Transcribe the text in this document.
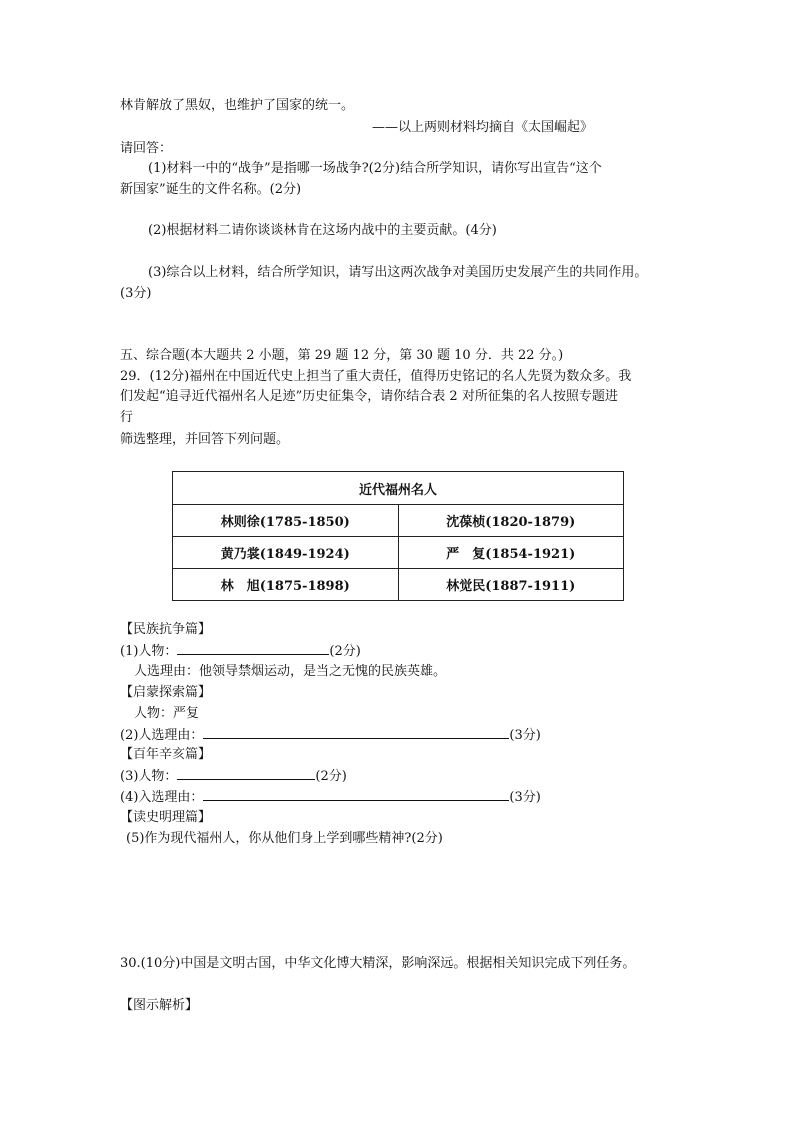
林肯解放了黑奴，也维护了国家的统一。
——以上两则材料均摘自《太国崛起》
请回答：
(1)材料一中的“战争”是指哪一场战争?(2分)结合所学知识，请你写出宣告“这个
新国家”诞生的文件名称。(2分)
(2)根据材料二请你谈谈林肯在这场内战中的主要贡献。(4分)
(3)综合以上材料，结合所学知识，请写出这两次战争对美国历史发展产生的共同作用。
(3分)
五、综合题(本大题共 2 小题，第 29 题 12 分，第 30 题 10 分．共 22 分。)
29．(12分)福州在中国近代史上担当了重大责任，值得历史铭记的名人先贤为数众多。我
们发起“追寻近代福州名人足迹”历史征集令，请你结合表 2 对所征集的名人按照专题进
行
筛选整理，并回答下列问题。
近代福州名人	
林则徐(1785-1850)	沈葆桢(1820-1879)
黄乃裳(1849-1924)	严　复(1854-1921)
林　旭(1875-1898)	林觉民(1887-1911)
【民族抗争篇】
(1)人物：	(2分)
人选理由：他领导禁烟运动，是当之无愧的民族英雄。
【启蒙探索篇】
人物：严复
(2)人选理由：	(3分)
【百年辛亥篇】
(3)人物：	(2分)
(4)入选理由：	(3分)
【读史明理篇】
(5)作为现代福州人，你从他们身上学到哪些精神?(2分)
30.(10分)中国是文明古国，中华文化博大精深，影响深远。根据相关知识完成下列任务。
【图示解析】
